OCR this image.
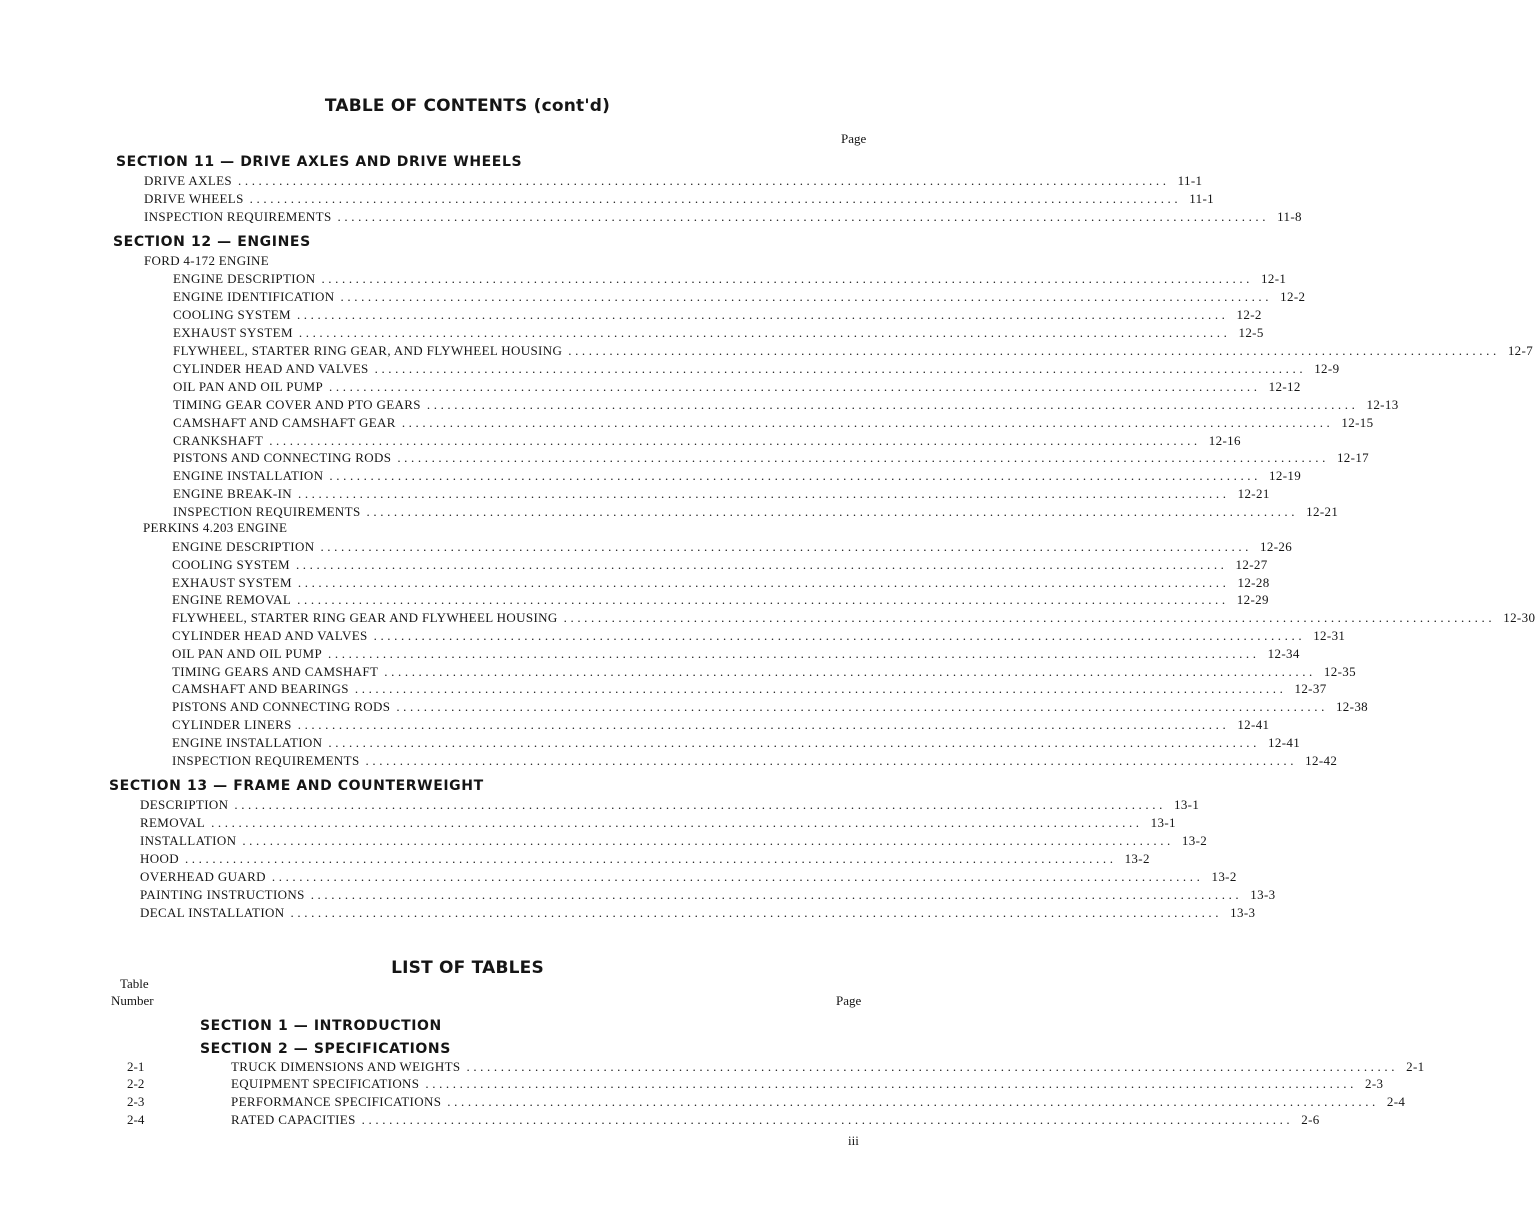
TABLE OF CONTENTS (cont'd)
Page
SECTION 11 — DRIVE AXLES AND DRIVE WHEELS
DRIVE AXLES ........................................................................................................................................ 11-1
DRIVE WHEELS ........................................................................................................................................ 11-1
INSPECTION REQUIREMENTS ........................................................................................................................................ 11-8
SECTION 12 — ENGINES
FORD 4-172 ENGINE
ENGINE DESCRIPTION ........................................................................................................................................ 12-1
ENGINE IDENTIFICATION ........................................................................................................................................ 12-2
COOLING SYSTEM ........................................................................................................................................ 12-2
EXHAUST SYSTEM ........................................................................................................................................ 12-5
FLYWHEEL, STARTER RING GEAR, AND FLYWHEEL HOUSING ........................................................................................................................................ 12-7
CYLINDER HEAD AND VALVES ........................................................................................................................................ 12-9
OIL PAN AND OIL PUMP ........................................................................................................................................ 12-12
TIMING GEAR COVER AND PTO GEARS ........................................................................................................................................ 12-13
CAMSHAFT AND CAMSHAFT GEAR ........................................................................................................................................ 12-15
CRANKSHAFT ........................................................................................................................................ 12-16
PISTONS AND CONNECTING RODS ........................................................................................................................................ 12-17
ENGINE INSTALLATION ........................................................................................................................................ 12-19
ENGINE BREAK-IN ........................................................................................................................................ 12-21
INSPECTION REQUIREMENTS ........................................................................................................................................ 12-21
PERKINS 4.203 ENGINE
ENGINE DESCRIPTION ........................................................................................................................................ 12-26
COOLING SYSTEM ........................................................................................................................................ 12-27
EXHAUST SYSTEM ........................................................................................................................................ 12-28
ENGINE REMOVAL ........................................................................................................................................ 12-29
FLYWHEEL, STARTER RING GEAR AND FLYWHEEL HOUSING ........................................................................................................................................ 12-30
CYLINDER HEAD AND VALVES ........................................................................................................................................ 12-31
OIL PAN AND OIL PUMP ........................................................................................................................................ 12-34
TIMING GEARS AND CAMSHAFT ........................................................................................................................................ 12-35
CAMSHAFT AND BEARINGS ........................................................................................................................................ 12-37
PISTONS AND CONNECTING RODS ........................................................................................................................................ 12-38
CYLINDER LINERS ........................................................................................................................................ 12-41
ENGINE INSTALLATION ........................................................................................................................................ 12-41
INSPECTION REQUIREMENTS ........................................................................................................................................ 12-42
SECTION 13 — FRAME AND COUNTERWEIGHT
DESCRIPTION ........................................................................................................................................ 13-1
REMOVAL ........................................................................................................................................ 13-1
INSTALLATION ........................................................................................................................................ 13-2
HOOD ........................................................................................................................................ 13-2
OVERHEAD GUARD ........................................................................................................................................ 13-2
PAINTING INSTRUCTIONS ........................................................................................................................................ 13-3
DECAL INSTALLATION ........................................................................................................................................ 13-3
LIST OF TABLES
Table
Number	Page
SECTION 1 — INTRODUCTION
SECTION 2 — SPECIFICATIONS
2-1	TRUCK DIMENSIONS AND WEIGHTS ........................................................................................................................................ 2-1
2-2	EQUIPMENT SPECIFICATIONS ........................................................................................................................................ 2-3
2-3	PERFORMANCE SPECIFICATIONS ........................................................................................................................................ 2-4
2-4	RATED CAPACITIES ........................................................................................................................................ 2-6
iii
